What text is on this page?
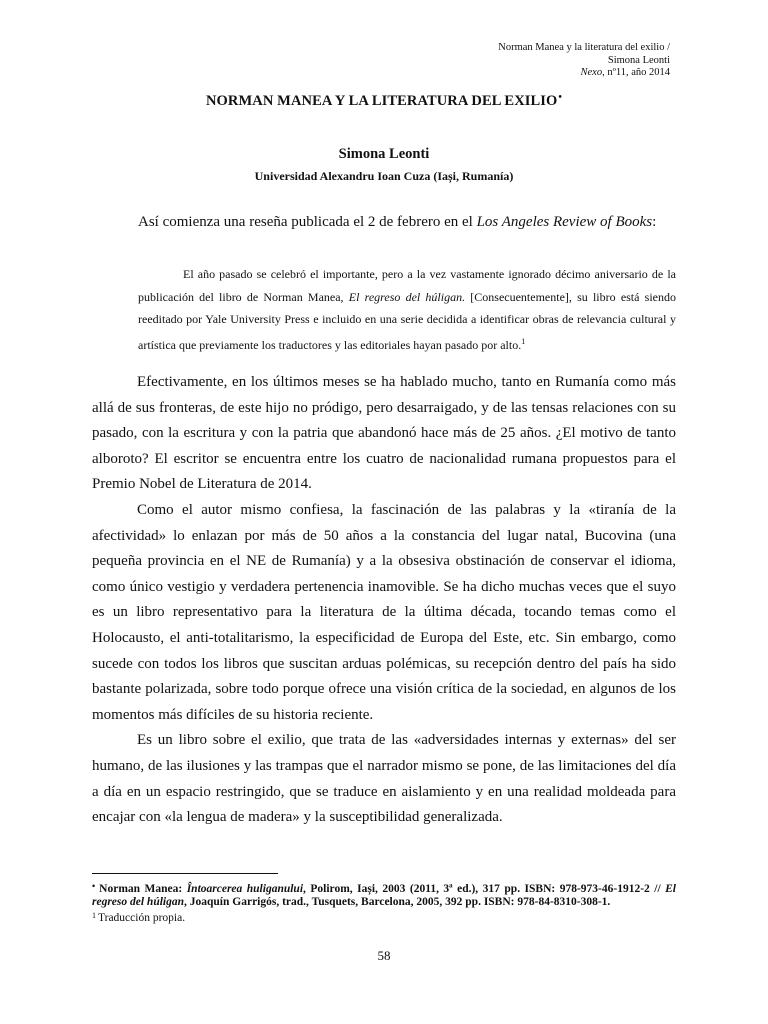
Norman Manea y la literatura del exilio /
Simona Leonti
Nexo, nº11, año 2014
NORMAN MANEA Y LA LITERATURA DEL EXILIO•
Simona Leonti
Universidad Alexandru Ioan Cuza (Iași, Rumanía)
Así comienza una reseña publicada el 2 de febrero en el Los Angeles Review of Books:

El año pasado se celebró el importante, pero a la vez vastamente ignorado décimo aniversario de la publicación del libro de Norman Manea, El regreso del húligan. [Consecuentemente], su libro está siendo reeditado por Yale University Press e incluido en una serie decidida a identificar obras de relevancia cultural y artística que previamente los traductores y las editoriales hayan pasado por alto.$^1$

Efectivamente, en los últimos meses se ha hablado mucho, tanto en Rumanía como más allá de sus fronteras, de este hijo no pródigo, pero desarraigado, y de las tensas relaciones con su pasado, con la escritura y con la patria que abandonó hace más de 25 años. ¿El motivo de tanto alboroto? El escritor se encuentra entre los cuatro de nacionalidad rumana propuestos para el Premio Nobel de Literatura de 2014.

Como el autor mismo confiesa, la fascinación de las palabras y la «tiranía de la afectividad» lo enlazan por más de 50 años a la constancia del lugar natal, Bucovina (una pequeña provincia en el NE de Rumanía) y a la obsesiva obstinación de conservar el idioma, como único vestigio y verdadera pertenencia inamovible. Se ha dicho muchas veces que el suyo es un libro representativo para la literatura de la última década, tocando temas como el Holocausto, el anti-totalitarismo, la especificidad de Europa del Este, etc. Sin embargo, como sucede con todos los libros que suscitan arduas polémicas, su recepción dentro del país ha sido bastante polarizada, sobre todo porque ofrece una visión crítica de la sociedad, en algunos de los momentos más difíciles de su historia reciente.

Es un libro sobre el exilio, que trata de las «adversidades internas y externas» del ser humano, de las ilusiones y las trampas que el narrador mismo se pone, de las limitaciones del día a día en un espacio restringido, que se traduce en aislamiento y en una realidad moldeada para encajar con «la lengua de madera» y la susceptibilidad generalizada.

• Norman Manea: Întoarcerea huliganului, Polirom, Iași, 2003 (2011, 3ª ed.), 317 pp. ISBN: 978-973-46-1912-2 // El regreso del húligan, Joaquín Garrigós, trad., Tusquets, Barcelona, 2005, 392 pp. ISBN: 978-84-8310-308-1.
$^1$ Traducción propia.
58
